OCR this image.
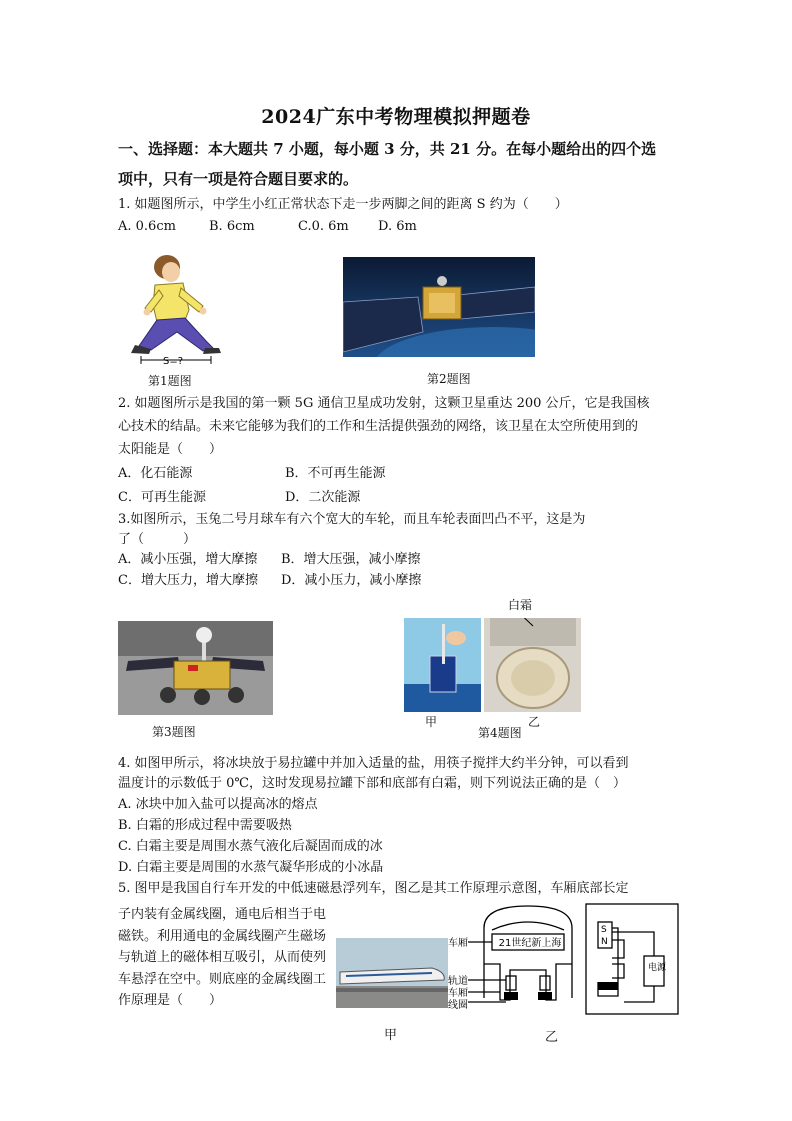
2024广东中考物理模拟押题卷
一、选择题：本大题共 7 小题，每小题 3 分，共 21 分。在每小题给出的四个选
项中，只有一项是符合题目要求的。
1. 如题图所示，中学生小红正常状态下走一步两脚之间的距离 S 约为（　　）
A. 0.6cm	B. 6cm	C.0. 6m D. 6m
S=?
第1题图	第2题图
2. 如题图所示是我国的第一颗 5G 通信卫星成功发射，这颗卫星重达 200 公斤，它是我国核
心技术的结晶。未来它能够为我们的工作和生活提供强劲的网络，该卫星在太空所使用到的
太阳能是（　　）
A．化石能源	B．不可再生能源
C．可再生能源	D．二次能源
3.如图所示，玉兔二号月球车有六个宽大的车轮，而且车轮表面凹凸不平，这是为
了（　　　）
A．减小压强，增大摩擦 B．增大压强，减小摩擦
C．增大压力，增大摩擦 D．减小压力，减小摩擦
第3题图
白霜
甲
第4题图
乙
4. 如图甲所示，将冰块放于易拉罐中并加入适量的盐，用筷子搅拌大约半分钟，可以看到
温度计的示数低于 0℃，这时发现易拉罐下部和底部有白霜，则下列说法正确的是（　）
A. 冰块中加入盐可以提高冰的熔点
B. 白霜的形成过程中需要吸热
C. 白霜主要是周围水蒸气液化后凝固而成的冰
D. 白霜主要是周围的水蒸气凝华形成的小冰晶
5. 图甲是我国自行车开发的中低速磁悬浮列车，图乙是其工作原理示意图，车厢底部长定
子内装有金属线圈，通电后相当于电磁铁。利用通电的金属线圈产生磁场与轨道上的磁体相互吸引，从而使列车悬浮在空中。则底座的金属线圈工作原理是（　　）
甲
21世纪新上海
车厢
轨道
车厢
线圈
S
N
电源
乙
